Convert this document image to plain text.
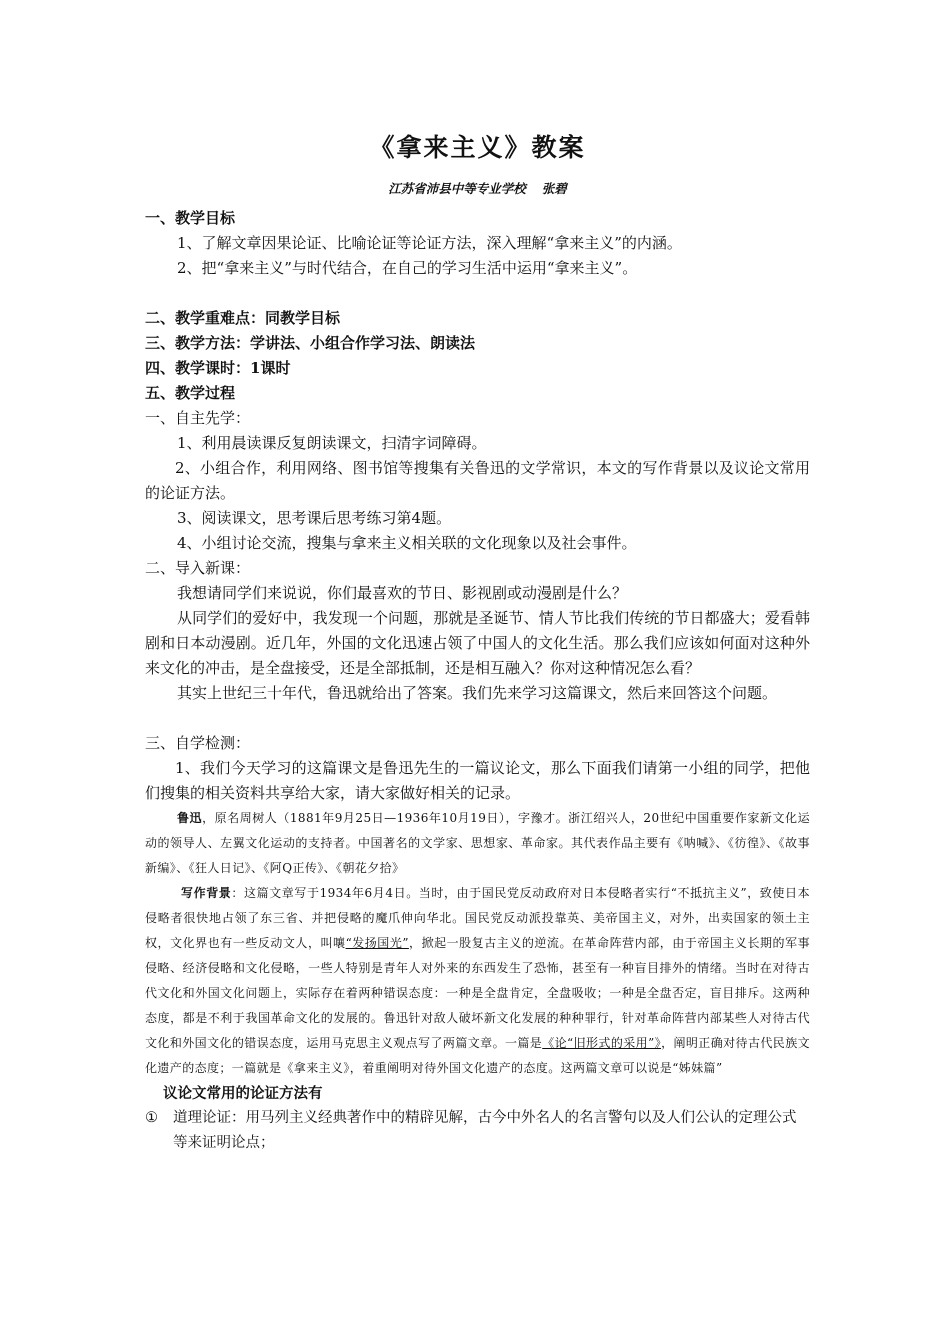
《拿来主义》教案
江苏省沛县中等专业学校 张碧
一、教学目标

1、了解文章因果论证、比喻论证等论证方法，深入理解“拿来主义”的内涵。

2、把“拿来主义”与时代结合，在自己的学习生活中运用“拿来主义”。

二、教学重难点：同教学目标
三、教学方法：学讲法、小组合作学习法、朗读法
四、教学课时：1课时
五、教学过程

一、自主先学：

1、利用晨读课反复朗读课文，扫清字词障碍。

2、小组合作，利用网络、图书馆等搜集有关鲁迅的文学常识，本文的写作背景以及议论文常用的论证方法。

3、阅读课文，思考课后思考练习第4题。

4、小组讨论交流，搜集与拿来主义相关联的文化现象以及社会事件。

二、导入新课：

我想请同学们来说说，你们最喜欢的节日、影视剧或动漫剧是什么？

从同学们的爱好中，我发现一个问题，那就是圣诞节、情人节比我们传统的节日都盛大；爱看韩剧和日本动漫剧。近几年，外国的文化迅速占领了中国人的文化生活。那么我们应该如何面对这种外来文化的冲击，是全盘接受，还是全部抵制，还是相互融入？你对这种情况怎么看？

其实上世纪三十年代，鲁迅就给出了答案。我们先来学习这篇课文，然后来回答这个问题。

三、自学检测：

1、我们今天学习的这篇课文是鲁迅先生的一篇议论文，那么下面我们请第一小组的同学，把他们搜集的相关资料共享给大家，请大家做好相关的记录。

鲁迅，原名周树人（1881年9月25日—1936年10月19日），字豫才。浙江绍兴人，20世纪中国重要作家新文化运动的领导人、左翼文化运动的支持者。中国著名的文学家、思想家、革命家。其代表作品主要有《呐喊》、《彷徨》、《故事新编》、《狂人日记》、《阿Q正传》、《朝花夕拾》

写作背景：这篇文章写于1934年6月4日。当时，由于国民党反动政府对日本侵略者实行“不抵抗主义”，致使日本侵略者很快地占领了东三省、并把侵略的魔爪伸向华北。国民党反动派投靠英、美帝国主义，对外，出卖国家的领土主权，文化界也有一些反动文人，叫嚷“发扬国光”，掀起一股复古主义的逆流。在革命阵营内部，由于帝国主义长期的军事侵略、经济侵略和文化侵略，一些人特别是青年人对外来的东西发生了恐怖，甚至有一种盲目排外的情绪。当时在对待古代文化和外国文化问题上，实际存在着两种错误态度：一种是全盘肯定，全盘吸收；一种是全盘否定，盲目排斥。这两种态度，都是不利于我国革命文化的发展的。鲁迅针对敌人破坏新文化发展的种种罪行，针对革命阵营内部某些人对待古代文化和外国文化的错误态度，运用马克思主义观点写了两篇文章。一篇是《论“旧形式的采用”》，阐明正确对待古代民族文化遗产的态度；一篇就是《拿来主义》，着重阐明对待外国文化遗产的态度。这两篇文章可以说是“姊妹篇”

议论文常用的论证方法有

①	道理论证：用马列主义经典著作中的精辟见解，古今中外名人的名言警句以及人们公认的定理公式等来证明论点；
